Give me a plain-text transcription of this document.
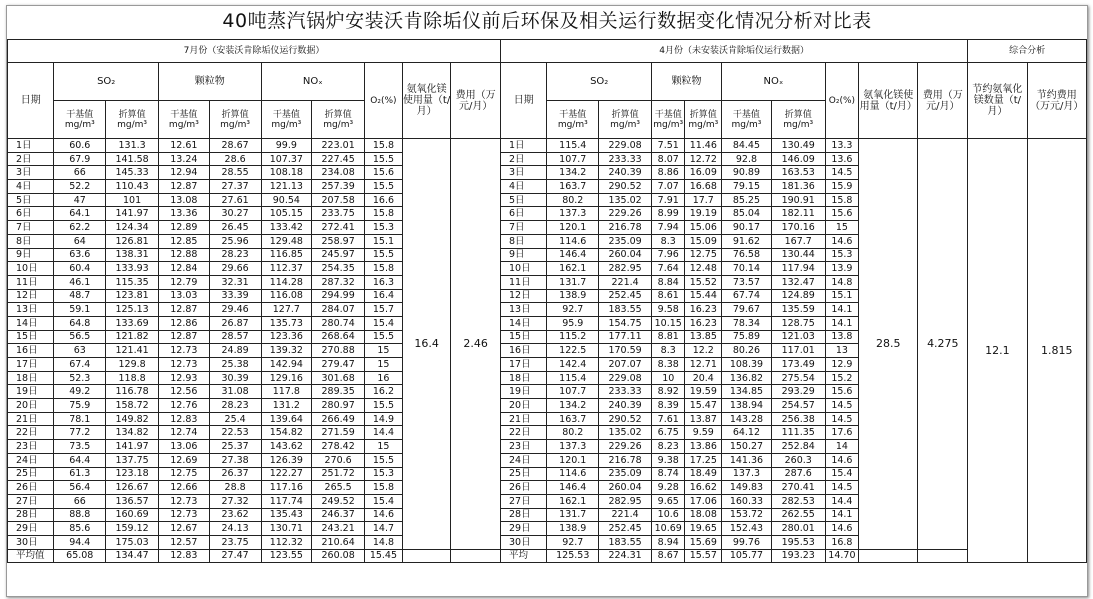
40吨蒸汽锅炉安装沃肯除垢仪前后环保及相关运行数据变化情况分析对比表
7月份（安装沃肯除垢仪运行数据）										4月份（未安装沃肯除垢仪运行数据）										综合分析	
日期	SO₂		颗粒物		NOₓ		O₂(%)	氨氧化镁使用量（t/月）	费用（万元/月）	日期	SO₂		颗粒物		NOₓ		O₂(%)	氨氧化镁使用量（t/月）	费用（万元/月）	节约氨氧化镁数量（t/月）	节约费用（万元/月）
	干基值mg/m³	折算值mg/m³	干基值mg/m³	折算值mg/m³	干基值mg/m³	折算值mg/m³					干基值mg/m³	折算值mg/m³	干基值mg/m³	折算值mg/m³	干基值mg/m³	折算值mg/m³					
1日	60.6	131.3	12.61	28.67	99.9	223.01	15.8	16.4	2.46	1日	115.4	229.08	7.51	11.46	84.45	130.49	13.3	28.5	4.275	12.1	1.815
2日	67.9	141.58	13.24	28.6	107.37	227.45	15.5			2日	107.7	233.33	8.07	12.72	92.8	146.09	13.6				
3日	66	145.33	12.94	28.55	108.18	234.08	15.6			3日	134.2	240.39	8.86	16.09	90.89	163.53	14.5				
4日	52.2	110.43	12.87	27.37	121.13	257.39	15.5			4日	163.7	290.52	7.07	16.68	79.15	181.36	15.9				
5日	47	101	13.08	27.61	90.54	207.58	16.6			5日	80.2	135.02	7.91	17.7	85.25	190.91	15.8				
6日	64.1	141.97	13.36	30.27	105.15	233.75	15.8			6日	137.3	229.26	8.99	19.19	85.04	182.11	15.6				
7日	62.2	124.34	12.89	26.45	133.42	272.41	15.3			7日	120.1	216.78	7.94	15.06	90.17	170.16	15				
8日	64	126.81	12.85	25.96	129.48	258.97	15.1			8日	114.6	235.09	8.3	15.09	91.62	167.7	14.6				
9日	63.6	138.31	12.88	28.23	116.85	245.97	15.5			9日	146.4	260.04	7.96	12.75	76.58	130.44	15.3				
10日	60.4	133.93	12.84	29.66	112.37	254.35	15.8			10日	162.1	282.95	7.64	12.48	70.14	117.94	13.9				
11日	46.1	115.35	12.79	32.31	114.28	287.32	16.3			11日	131.7	221.4	8.84	15.52	73.57	132.47	14.8				
12日	48.7	123.81	13.03	33.39	116.08	294.99	16.4			12日	138.9	252.45	8.61	15.44	67.74	124.89	15.1				
13日	59.1	125.13	12.87	29.46	127.7	284.07	15.7			13日	92.7	183.55	9.58	16.23	79.67	135.59	14.1				
14日	64.8	133.69	12.86	26.87	135.73	280.74	15.4			14日	95.9	154.75	10.15	16.23	78.34	128.75	14.1				
15日	56.5	121.82	12.87	28.57	123.36	268.64	15.5			15日	115.2	177.11	8.81	13.85	75.89	121.03	13.8				
16日	63	121.41	12.73	24.89	139.32	270.88	15			16日	122.5	170.59	8.3	12.2	80.26	117.01	13				
17日	67.4	129.8	12.73	25.38	142.94	279.47	15			17日	142.4	207.07	8.38	12.71	108.39	173.49	12.9				
18日	52.3	118.8	12.93	30.39	129.16	301.68	16			18日	115.4	229.08	10	20.4	136.82	275.54	15.2				
19日	49.2	116.78	12.56	31.08	117.8	289.35	16.2			19日	107.7	233.33	8.92	19.59	134.85	293.29	15.6				
20日	75.9	158.72	12.76	28.23	131.2	280.97	15.5			20日	134.2	240.39	8.39	15.47	138.94	254.57	14.5				
21日	78.1	149.82	12.83	25.4	139.64	266.49	14.9			21日	163.7	290.52	7.61	13.87	143.28	256.38	14.5				
22日	77.2	134.82	12.74	22.53	154.82	271.59	14.4			22日	80.2	135.02	6.75	9.59	64.12	111.35	17.6				
23日	73.5	141.97	13.06	25.37	143.62	278.42	15			23日	137.3	229.26	8.23	13.86	150.27	252.84	14				
24日	64.4	137.75	12.69	27.38	126.39	270.6	15.5			24日	120.1	216.78	9.38	17.25	141.36	260.3	14.6				
25日	61.3	123.18	12.75	26.37	122.27	251.72	15.3			25日	114.6	235.09	8.74	18.49	137.3	287.6	15.4				
26日	56.4	126.67	12.66	28.8	117.16	265.5	15.8			26日	146.4	260.04	9.28	16.62	149.83	270.41	14.5				
27日	66	136.57	12.73	27.32	117.74	249.52	15.4			27日	162.1	282.95	9.65	17.06	160.33	282.53	14.4				
28日	88.8	160.69	12.73	23.62	135.43	246.37	14.6			28日	131.7	221.4	10.6	18.08	153.72	262.55	14.1				
29日	85.6	159.12	12.67	24.13	130.71	243.21	14.7			29日	138.9	252.45	10.69	19.65	152.43	280.01	14.6				
30日	94.4	175.03	12.57	23.75	112.32	210.64	14.8			30日	92.7	183.55	8.94	15.69	99.76	195.53	16.8				
平均值	65.08	134.47	12.83	27.47	123.55	260.08	15.45			平均	125.53	224.31	8.67	15.57	105.77	193.23	14.70				
